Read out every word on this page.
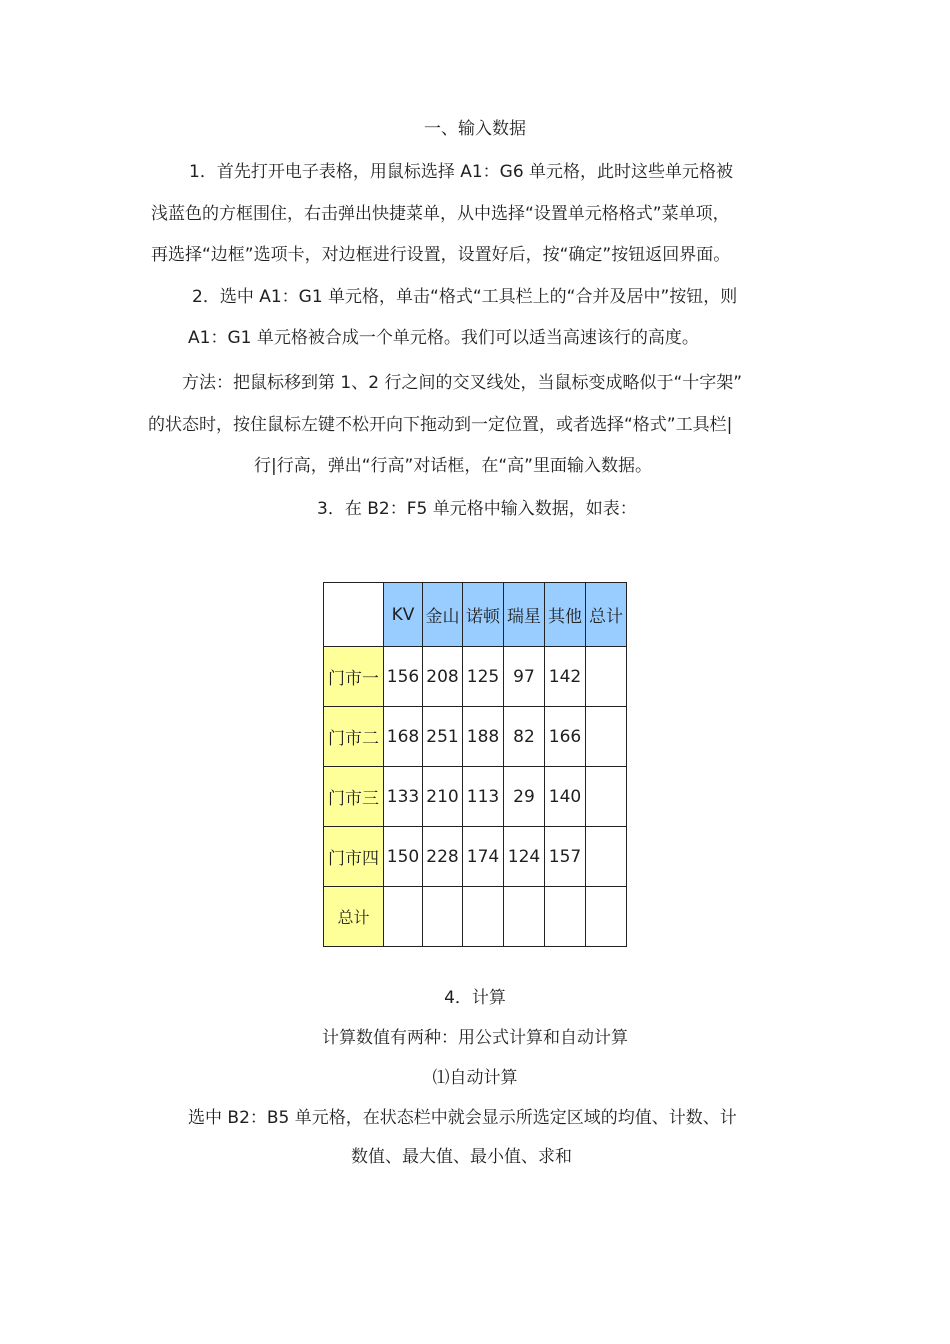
一、输入数据
1．首先打开电子表格，用鼠标选择 A1：G6 单元格，此时这些单元格被
浅蓝色的方框围住，右击弹出快捷菜单，从中选择“设置单元格格式”菜单项，
再选择“边框”选项卡，对边框进行设置，设置好后，按“确定”按钮返回界面。
2．选中 A1：G1 单元格，单击“格式“工具栏上的“合并及居中”按钮，则
A1：G1 单元格被合成一个单元格。我们可以适当高速该行的高度。
方法：把鼠标移到第 1、2 行之间的交叉线处，当鼠标变成略似于“十字架”
的状态时，按住鼠标左键不松开向下拖动到一定位置，或者选择“格式”工具栏|
行|行高，弹出“行高”对话框，在“高”里面输入数据。
3．在 B2：F5 单元格中输入数据，如表：
	KV	金山	诺顿	瑞星	其他	总计
门市一	156	208	125	97	142	
门市二	168	251	188	82	166	
门市三	133	210	113	29	140	
门市四	150	228	174	124	157	
总计						
4．计算
计算数值有两种：用公式计算和自动计算
⑴自动计算
选中 B2：B5 单元格，在状态栏中就会显示所选定区域的均值、计数、计
数值、最大值、最小值、求和
